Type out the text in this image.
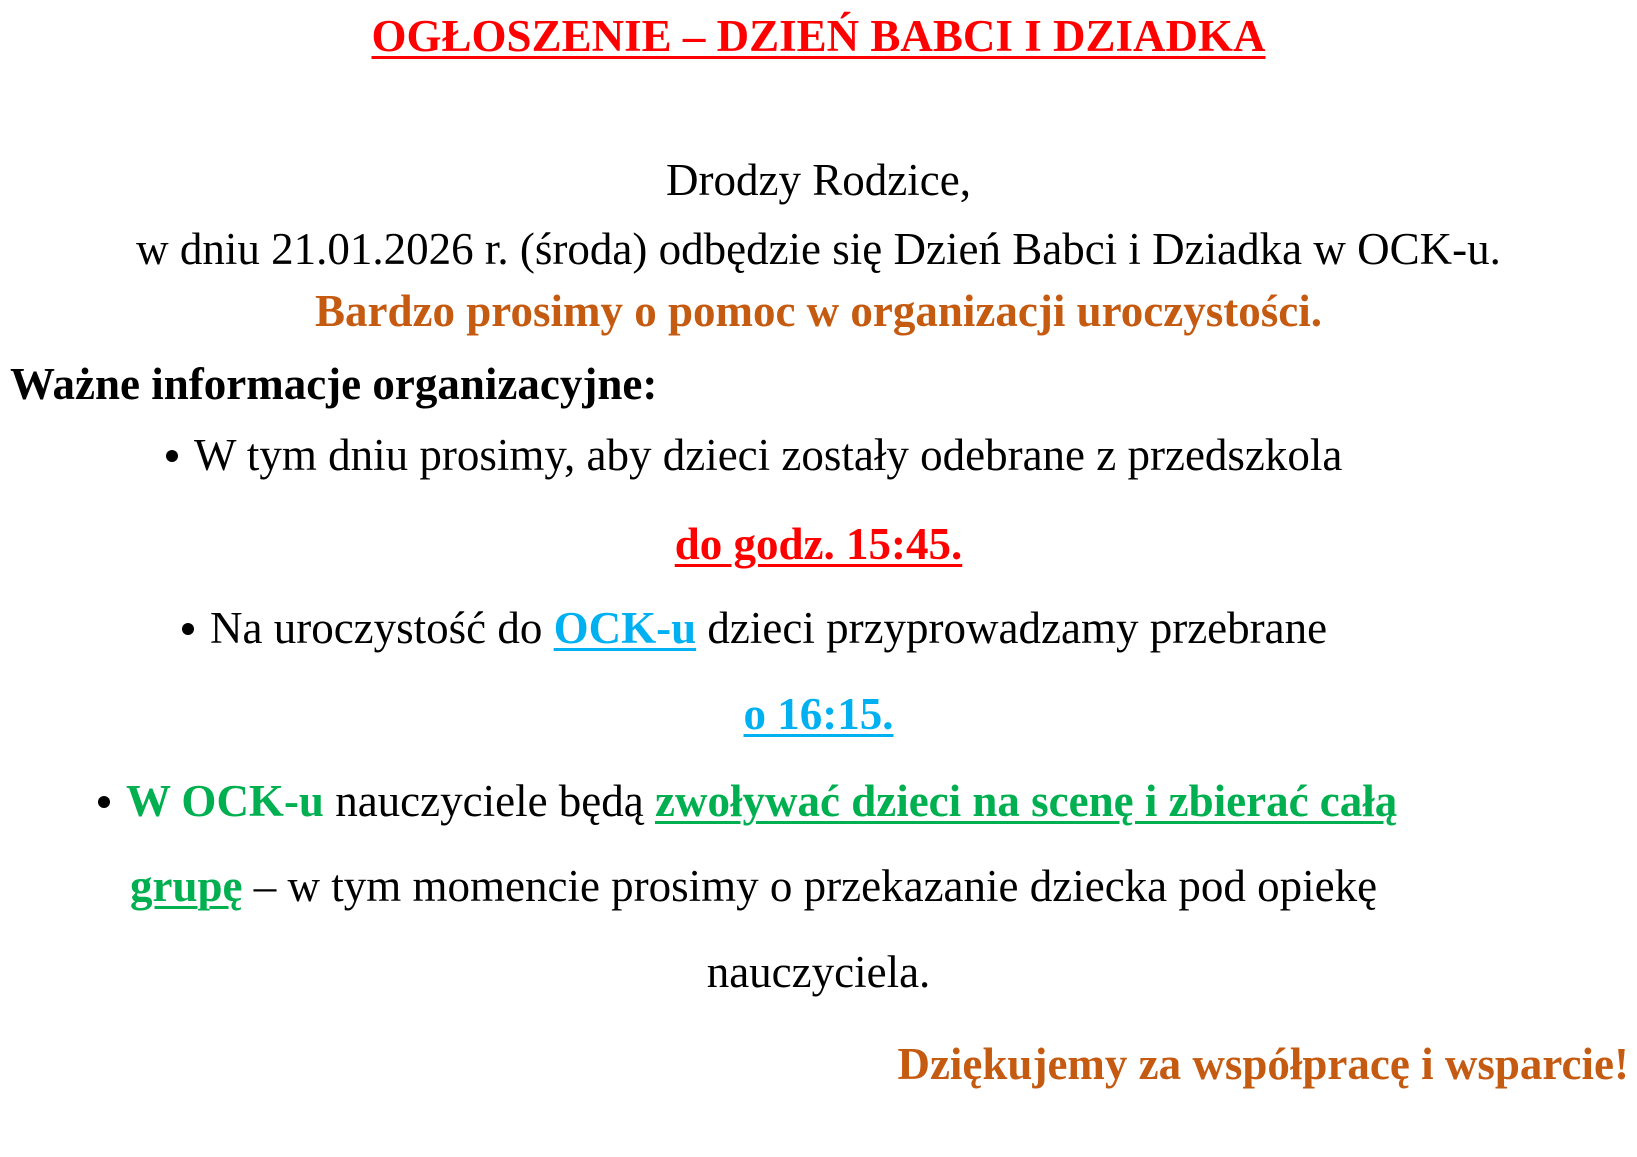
OGŁOSZENIE – DZIEŃ BABCI I DZIADKA
Drodzy Rodzice,
w dniu 21.01.2026 r. (środa) odbędzie się Dzień Babci i Dziadka w OCK-u.
Bardzo prosimy o pomoc w organizacji uroczystości.
Ważne informacje organizacyjne:
W tym dniu prosimy, aby dzieci zostały odebrane z przedszkola
do godz. 15:45.
Na uroczystość do OCK-u dzieci przyprowadzamy przebrane
o 16:15.
W OCK-u nauczyciele będą zwoływać dzieci na scenę i zbierać całą
grupę – w tym momencie prosimy o przekazanie dziecka pod opiekę
nauczyciela.
Dziękujemy za współpracę i wsparcie!
